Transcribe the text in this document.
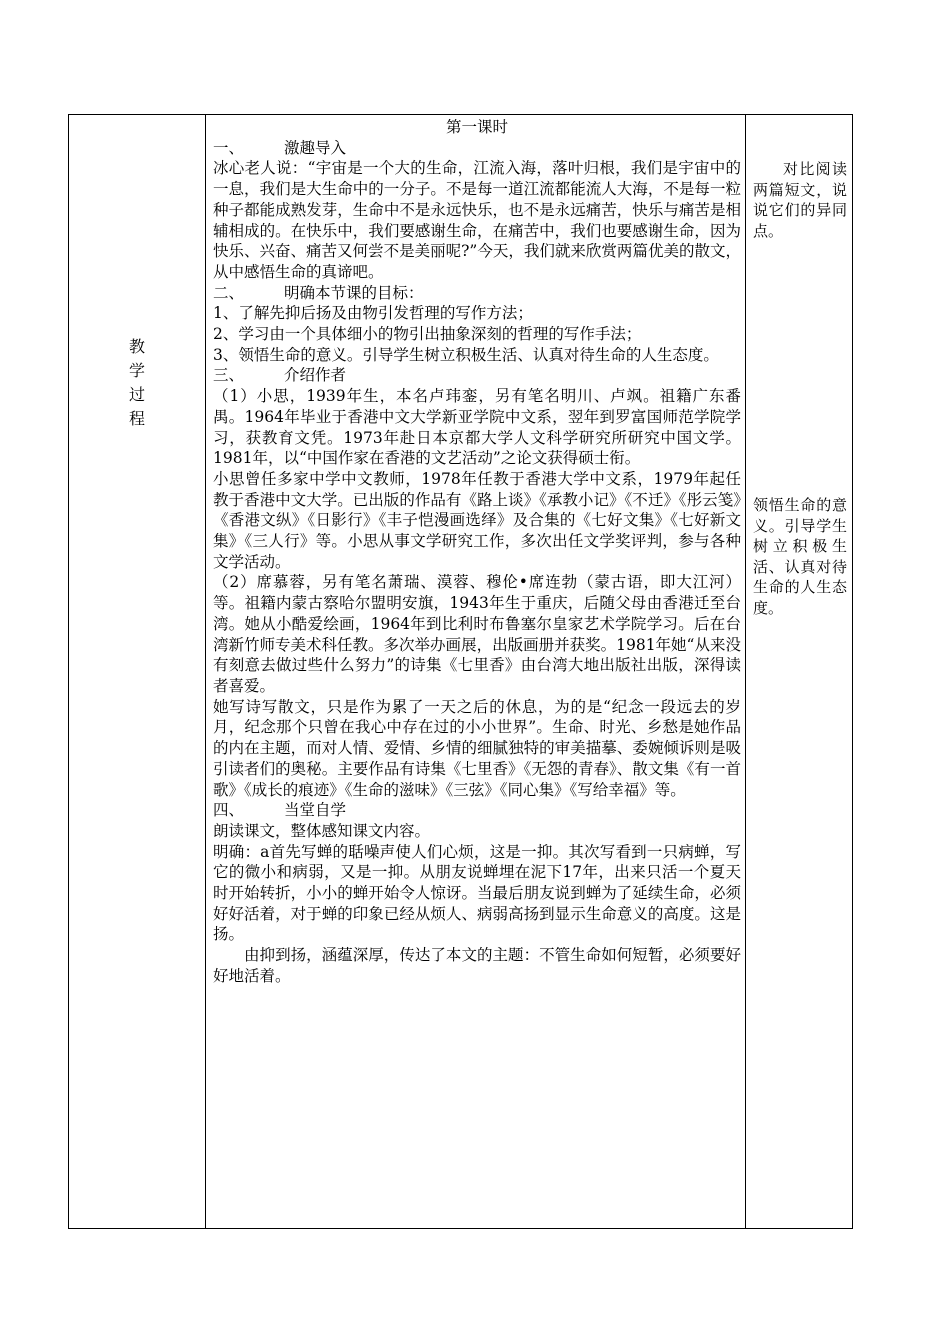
教学过程

第一课时

一、	激趣导入

冰心老人说：“宇宙是一个大的生命，江流入海，落叶归根，我们是宇宙中的一息，我们是大生命中的一分子。不是每一道江流都能流人大海，不是每一粒种子都能成熟发芽，生命中不是永远快乐，也不是永远痛苦，快乐与痛苦是相辅相成的。在快乐中，我们要感谢生命，在痛苦中，我们也要感谢生命，因为快乐、兴奋、痛苦又何尝不是美丽呢?”今天，我们就来欣赏两篇优美的散文，从中感悟生命的真谛吧。

二、	明确本节课的目标：

1、了解先抑后扬及由物引发哲理的写作方法；

2、学习由一个具体细小的物引出抽象深刻的哲理的写作手法；

3、领悟生命的意义。引导学生树立积极生活、认真对待生命的人生态度。

三、	介绍作者

（1）小思，1939年生，本名卢玮銮，另有笔名明川、卢飒。祖籍广东番禺。1964年毕业于香港中文大学新亚学院中文系，翌年到罗富国师范学院学习，获教育文凭。1973年赴日本京都大学人文科学研究所研究中国文学。1981年，以“中国作家在香港的文艺活动”之论文获得硕士衔。

小思曾任多家中学中文教师，1978年任教于香港大学中文系，1979年起任教于香港中文大学。已出版的作品有《路上谈》《承教小记》《不迁》《彤云笺》《香港文纵》《日影行》《丰子恺漫画选绎》及合集的《七好文集》《七好新文集》《三人行》等。小思从事文学研究工作，多次出任文学奖评判，参与各种文学活动。

（2）席慕蓉，另有笔名萧瑞、漠蓉、穆伦•席连勃（蒙古语，即大江河）等。祖籍内蒙古察哈尔盟明安旗，1943年生于重庆，后随父母由香港迁至台湾。她从小酷爱绘画，1964年到比利时布鲁塞尔皇家艺术学院学习。后在台湾新竹师专美术科任教。多次举办画展，出版画册并获奖。1981年她“从来没有刻意去做过些什么努力”的诗集《七里香》由台湾大地出版社出版，深得读者喜爱。

她写诗写散文，只是作为累了一天之后的休息，为的是“纪念一段远去的岁月，纪念那个只曾在我心中存在过的小小世界”。生命、时光、乡愁是她作品的内在主题，而对人情、爱情、乡情的细腻独特的审美描摹、委婉倾诉则是吸引读者们的奥秘。主要作品有诗集《七里香》《无怨的青春》、散文集《有一首歌》《成长的痕迹》《生命的滋味》《三弦》《同心集》《写给幸福》等。

四、	当堂自学

朗读课文，整体感知课文内容。

明确：a首先写蝉的聒噪声使人们心烦，这是一抑。其次写看到一只病蝉，写它的微小和病弱，又是一抑。从朋友说蝉埋在泥下17年，出来只活一个夏天时开始转折，小小的蝉开始令人惊讶。当最后朋友说到蝉为了延续生命，必须好好活着，对于蝉的印象已经从烦人、病弱高扬到显示生命意义的高度。这是扬。

由抑到扬，涵蕴深厚，传达了本文的主题：不管生命如何短暂，必须要好好地活着。

对比阅读两篇短文，说说它们的异同点。

领悟生命的意义。引导学生树立积极生活、认真对待生命的人生态度。
